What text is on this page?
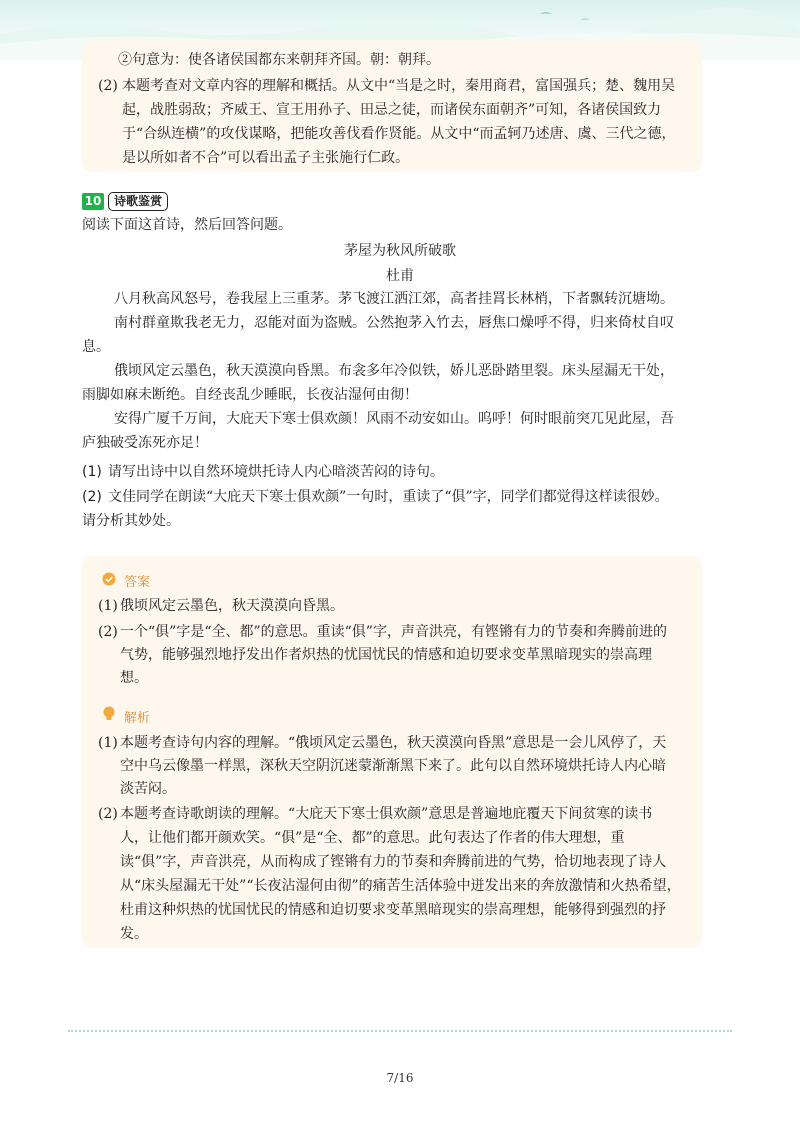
②句意为：使各诸侯国都东来朝拜齐国。朝：朝拜。
(2) 本题考查对文章内容的理解和概括。从文中“当是之时，秦用商君，富国强兵；楚、魏用吴
起，战胜弱敌；齐威王、宣王用孙子、田忌之徒，而诸侯东面朝齐”可知，各诸侯国致力
于“合纵连横”的攻伐谋略，把能攻善伐看作贤能。从文中“而孟轲乃述唐、虞、三代之德，
是以所如者不合”可以看出孟子主张施行仁政。
10	诗歌鉴赏
阅读下面这首诗，然后回答问题。
茅屋为秋风所破歌
杜甫
八月秋高风怒号，卷我屋上三重茅。茅飞渡江洒江郊，高者挂罥长林梢，下者飘转沉塘坳。
南村群童欺我老无力，忍能对面为盗贼。公然抱茅入竹去，唇焦口燥呼不得，归来倚杖自叹
息。
俄顷风定云墨色，秋天漠漠向昏黑。布衾多年冷似铁，娇儿恶卧踏里裂。床头屋漏无干处，
雨脚如麻未断绝。自经丧乱少睡眠，长夜沾湿何由彻！
安得广厦千万间，大庇天下寒士俱欢颜！风雨不动安如山。呜呼！何时眼前突兀见此屋，吾
庐独破受冻死亦足！
(1) 请写出诗中以自然环境烘托诗人内心暗淡苦闷的诗句。
(2) 文佳同学在朗读“大庇天下寒士俱欢颜”一句时，重读了“俱”字，同学们都觉得这样读很妙。
请分析其妙处。
答案
(1) 俄顷风定云墨色，秋天漠漠向昏黑。
(2) 一个“俱”字是“全、都”的意思。重读“俱”字，声音洪亮，有铿锵有力的节奏和奔腾前进的
气势，能够强烈地抒发出作者炽热的忧国忧民的情感和迫切要求变革黑暗现实的崇高理
想。
解析
(1) 本题考查诗句内容的理解。“俄顷风定云墨色，秋天漠漠向昏黑”意思是一会儿风停了，天
空中乌云像墨一样黑，深秋天空阴沉迷蒙渐渐黑下来了。此句以自然环境烘托诗人内心暗
淡苦闷。
(2) 本题考查诗歌朗读的理解。“大庇天下寒士俱欢颜”意思是普遍地庇覆天下间贫寒的读书
人，让他们都开颜欢笑。“俱”是“全、都”的意思。此句表达了作者的伟大理想，重
读“俱”字，声音洪亮，从而构成了铿锵有力的节奏和奔腾前进的气势，恰切地表现了诗人
从“床头屋漏无干处”“长夜沾湿何由彻”的痛苦生活体验中迸发出来的奔放激情和火热希望，
杜甫这种炽热的忧国忧民的情感和迫切要求变革黑暗现实的崇高理想，能够得到强烈的抒
发。
7/16
